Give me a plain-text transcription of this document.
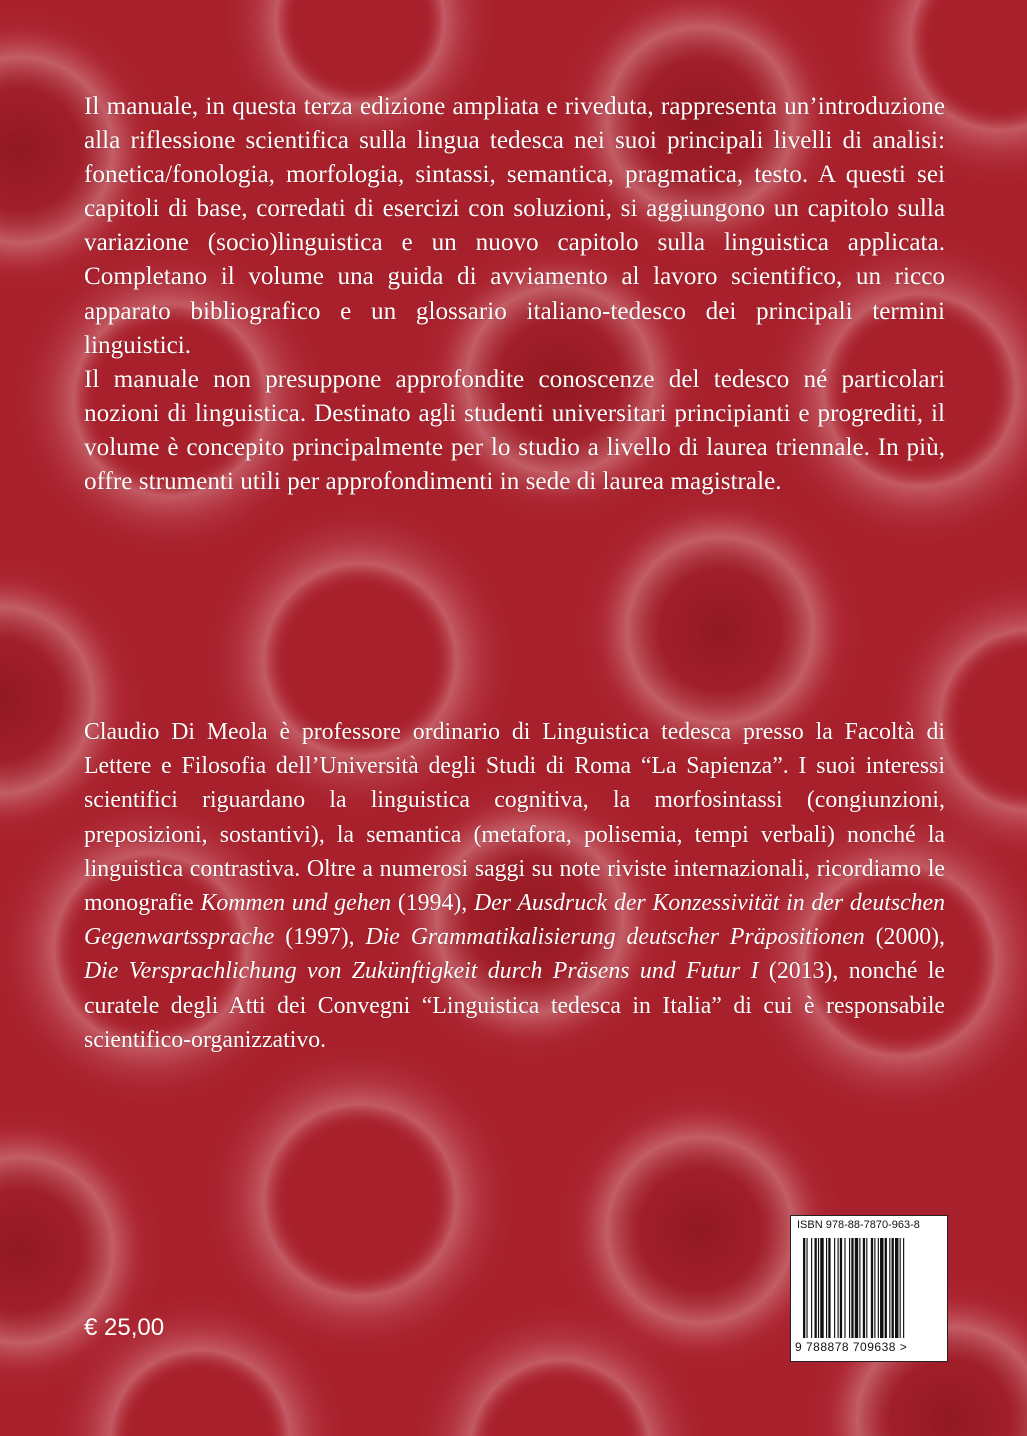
Il manuale, in questa terza edizione ampliata e riveduta, rappresenta un’introduzione alla riflessione scientifica sulla lingua tedesca nei suoi principali livelli di analisi: fonetica/fonologia, morfologia, sintassi, semantica, pragmatica, testo. A questi sei capitoli di base, corredati di esercizi con soluzioni, si aggiungono un capitolo sulla variazione (socio)linguistica e un nuovo capitolo sulla linguistica applicata. Completano il volume una guida di avviamento al lavoro scientifico, un ricco apparato bibliografico e un glossario italiano-tedesco dei principali termini linguistici.

Il manuale non presuppone approfondite conoscenze del tedesco né particolari nozioni di linguistica. Destinato agli studenti universitari principianti e progrediti, il volume è concepito principalmente per lo studio a livello di laurea triennale. In più, offre strumenti utili per approfondimenti in sede di laurea magistrale.

Claudio Di Meola è professore ordinario di Linguistica tedesca presso la Facoltà di Lettere e Filosofia dell’Università degli Studi di Roma “La Sapienza”. I suoi interessi scientifici riguardano la linguistica cognitiva, la morfosintassi (congiunzioni, preposizioni, sostantivi), la semantica (metafora, polisemia, tempi verbali) nonché la linguistica contrastiva. Oltre a numerosi saggi su note riviste internazionali, ricordiamo le monografie Kommen und gehen (1994), Der Ausdruck der Konzessivität in der deutschen Gegenwartssprache (1997), Die Grammatikalisierung deutscher Präpositionen (2000), Die Versprachlichung von Zukünftigkeit durch Präsens und Futur I (2013), nonché le curatele degli Atti dei Convegni “Linguistica tedesca in Italia” di cui è responsabile scientifico-organizzativo.

€ 25,00
ISBN 978-88-7870-963-8
9 788878 709638 >
